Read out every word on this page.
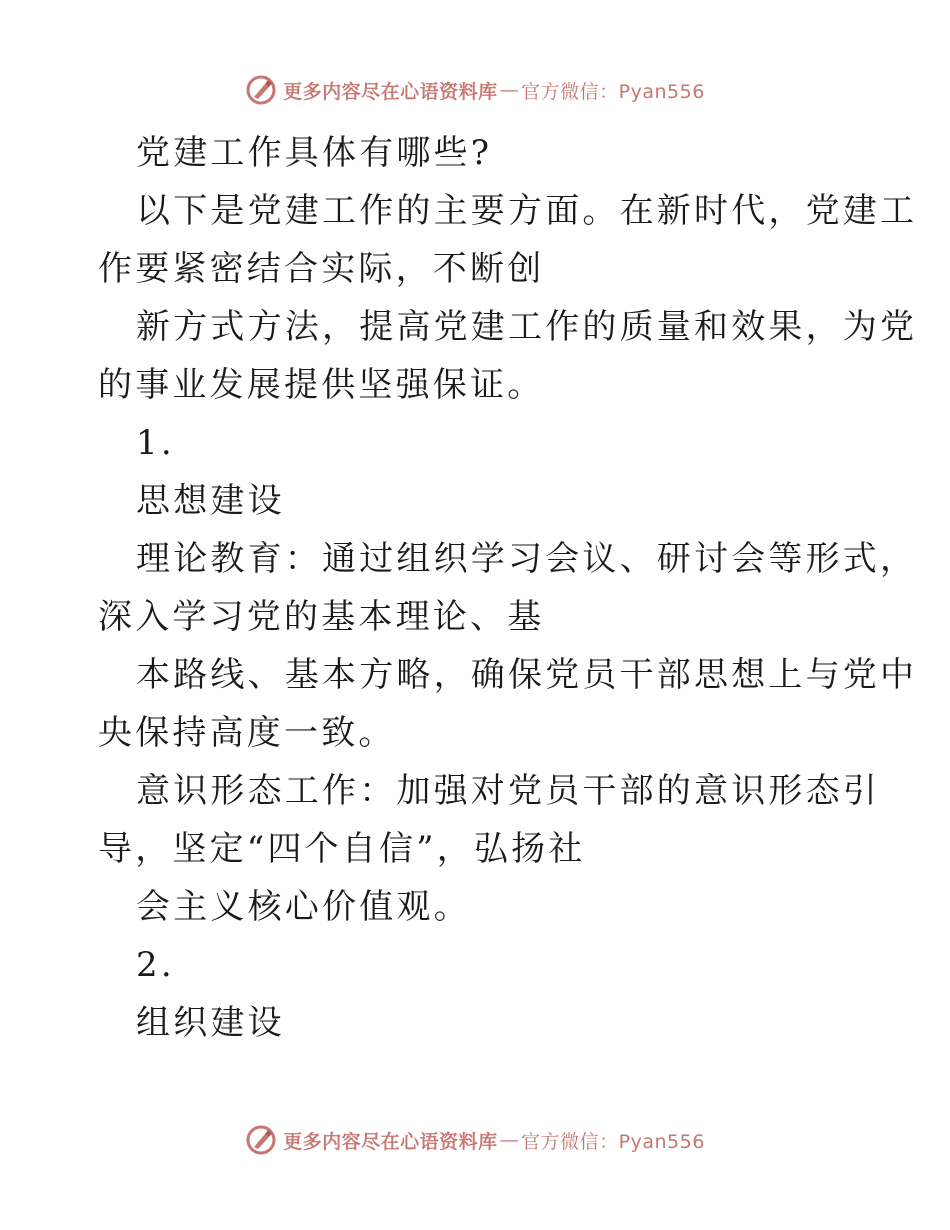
更多内容尽在心语资料库 — 官方微信：Pyan556
党建工作具体有哪些?
以下是党建工作的主要方面。在新时代，党建工
作要紧密结合实际，不断创
新方式方法，提高党建工作的质量和效果，为党
的事业发展提供坚强保证。
1.
思想建设
理论教育：通过组织学习会议、研讨会等形式，
深入学习党的基本理论、基
本路线、基本方略，确保党员干部思想上与党中
央保持高度一致。
意识形态工作：加强对党员干部的意识形态引
导，坚定“四个自信”，弘扬社
会主义核心价值观。
2.
组织建设
更多内容尽在心语资料库 — 官方微信：Pyan556
